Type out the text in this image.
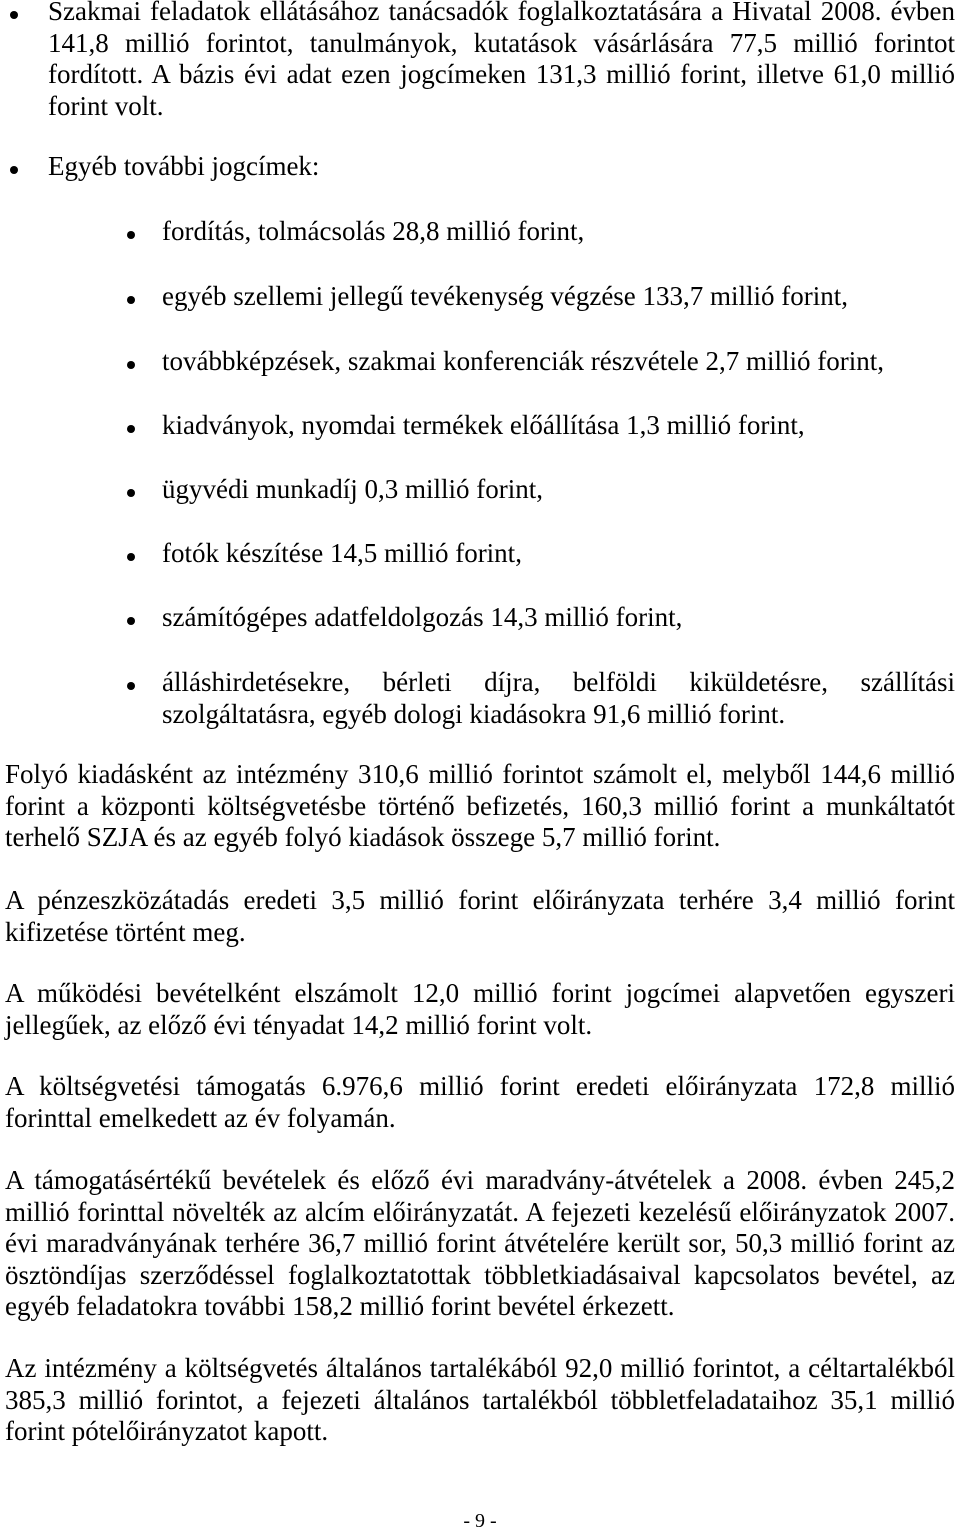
Szakmai feladatok ellátásához tanácsadók foglalkoztatására a Hivatal 2008. évben
141,8 millió forintot, tanulmányok, kutatások vásárlására 77,5 millió forintot
fordított. A bázis évi adat ezen jogcímeken 131,3 millió forint, illetve 61,0 millió
forint volt.
Egyéb további jogcímek:
fordítás, tolmácsolás 28,8 millió forint,
egyéb szellemi jellegű tevékenység végzése 133,7 millió forint,
továbbképzések, szakmai konferenciák részvétele 2,7 millió forint,
kiadványok, nyomdai termékek előállítása 1,3 millió forint,
ügyvédi munkadíj 0,3 millió forint,
fotók készítése 14,5 millió forint,
számítógépes adatfeldolgozás 14,3 millió forint,
álláshirdetésekre, bérleti díjra, belföldi kiküldetésre, szállítási
szolgáltatásra, egyéb dologi kiadásokra 91,6 millió forint.
Folyó kiadásként az intézmény 310,6 millió forintot számolt el, melyből 144,6 millió
forint a központi költségvetésbe történő befizetés, 160,3 millió forint a munkáltatót
terhelő SZJA és az egyéb folyó kiadások összege 5,7 millió forint.
A pénzeszközátadás eredeti 3,5 millió forint előirányzata terhére 3,4 millió forint
kifizetése történt meg.
A működési bevételként elszámolt 12,0 millió forint jogcímei alapvetően egyszeri
jellegűek, az előző évi tényadat 14,2 millió forint volt.
A költségvetési támogatás 6.976,6 millió forint eredeti előirányzata 172,8 millió
forinttal emelkedett az év folyamán.
A támogatásértékű bevételek és előző évi maradvány-átvételek a 2008. évben 245,2
millió forinttal növelték az alcím előirányzatát. A fejezeti kezelésű előirányzatok 2007.
évi maradványának terhére 36,7 millió forint átvételére került sor, 50,3 millió forint az
ösztöndíjas szerződéssel foglalkoztatottak többletkiadásaival kapcsolatos bevétel, az
egyéb feladatokra további 158,2 millió forint bevétel érkezett.
Az intézmény a költségvetés általános tartalékából 92,0 millió forintot, a céltartalékból
385,3 millió forintot, a fejezeti általános tartalékból többletfeladataihoz 35,1 millió
forint pótelőirányzatot kapott.
- 9 -
